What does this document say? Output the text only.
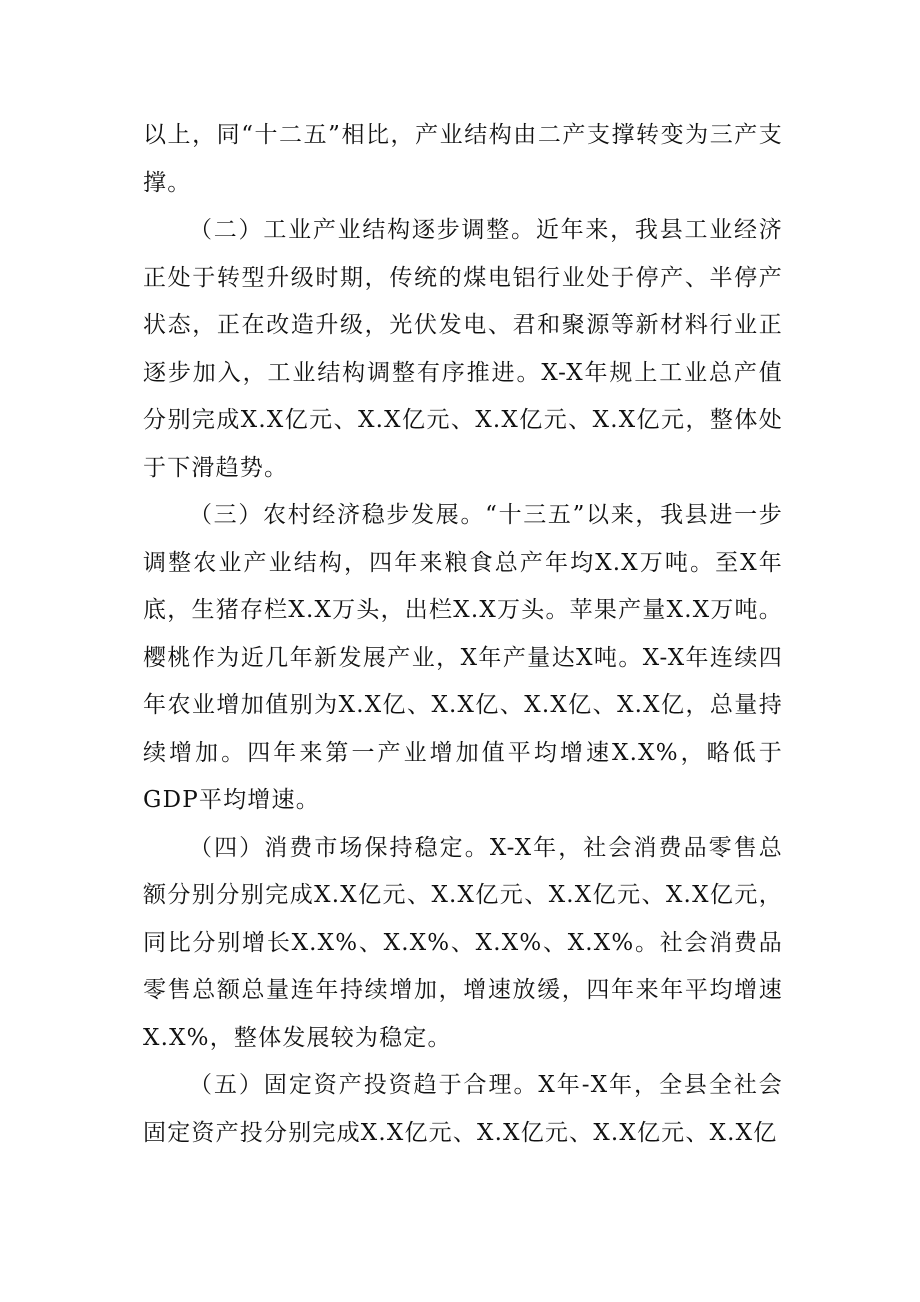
以上，同“十二五”相比，产业结构由二产支撑转变为三产支撑。

（二）工业产业结构逐步调整。近年来，我县工业经济正处于转型升级时期，传统的煤电铝行业处于停产、半停产状态，正在改造升级，光伏发电、君和聚源等新材料行业正逐步加入，工业结构调整有序推进。X-X年规上工业总产值分别完成X.X亿元、X.X亿元、X.X亿元、X.X亿元，整体处于下滑趋势。

（三）农村经济稳步发展。“十三五”以来，我县进一步调整农业产业结构，四年来粮食总产年均X.X万吨。至X年底，生猪存栏X.X万头，出栏X.X万头。苹果产量X.X万吨。樱桃作为近几年新发展产业，X年产量达X吨。X-X年连续四年农业增加值别为X.X亿、X.X亿、X.X亿、X.X亿，总量持续增加。四年来第一产业增加值平均增速X.X%，略低于GDP平均增速。

（四）消费市场保持稳定。X-X年，社会消费品零售总额分别分别完成X.X亿元、X.X亿元、X.X亿元、X.X亿元，同比分别增长X.X%、X.X%、X.X%、X.X%。社会消费品零售总额总量连年持续增加，增速放缓，四年来年平均增速X.X%，整体发展较为稳定。

（五）固定资产投资趋于合理。X年-X年，全县全社会固定资产投分别完成X.X亿元、X.X亿元、X.X亿元、X.X亿
